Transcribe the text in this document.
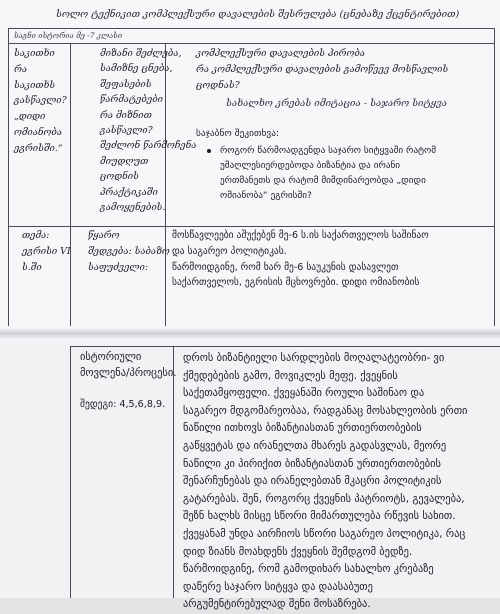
სოლო ტექნიკით კომპლექსური დავალების შესრულება (ცნებაზე ქცენტირებით)
საგნი ისტორია მე -7 კლასი
საკითხი
რა
საკითხს
გასწავლი?
„დიდი
ომიანობა
ეგრისში.“
მიზანი შეძლება,
სამიზნე ცნება,
შეფასების
წარმატებები
რა მიზნით
გასწავლი?
შეძლონ წარმოჩენა
მიუდღუთ
ცოდნის
პრაქტიკაში
გამოყენების.
კომპლექსური დავალების პირობა
რა კომპლექსური დავალების გამოწვევ მოსწავლის
ცოდნას?
სახალხო კრებას იმიტაცია - საჯარო სიტყვა
საჯაბნო შეკითხვა:
როგორ წარმოადგენდა საჯარო სიტყვაში რატომ
უმაღლესიერდებოდა ბიზანტია და ირანი
ერთმანეთს და რატომ მიმდინარეობდა „დიდი
ომიანობა“ ეგრისში?
თემა:
ეგრისი VI
ს.ში
წყარო
შედგება: საბაზო
საფუძველი:
მოსწავლეები აშუქებენ მე-6 ს.ის საქართველოს საშინაო
და საგარეო პოლიტიკას.
წარმოიდგინე, რომ ხარ მე-6 საუკუნის დასავლეთ
საქართველოს, ეგრისის მცხოვრები. დიდი ომიანობის
ისტორიული
მოვლენა/პროცესი.
შედეგი: 4,5,6,8,9.
დროს ბიზანტიელი სარდლების მოღალატეობრი- ვი
ქმედებების გამო, მოვიკლეს მეფე. ქვეყნის
საქეთამყოფელი. ქვეყანაში როული საშინაო და
საგარეო მდგომარეობაა, რადგანაც მოსახლეობის ერთი
ნაწილი ითხოვს ბიზანტიასთან ურთიერთობების
გაწყვეტას და ირანელთა მხარეს გადასვლას, მეორე
ნაწილი კი პირიქით ბიზანტიასთან ურთიერთობების
შენარჩუნებას და ირანელებთან მკაცრი პოლიტიკის
გატარებას. შენ, როგორც ქვეყნის პატრიოტს, გევალება,
შეზნ ხალხს მისცე სწორი მიმართულება რწევის სახით.
ქვეყანამ უნდა აირჩიოს სწორი საგარეო პოლიტიკა, რაც
დიდ ზიანს მოახდენს ქვეყნის შემდგომ ბედზე.
წარმოიდგინე, რომ გამოდიხარ სახალხო კრებაზე
დაწერე საჯარო სიტყვა და დაასაბუთე
არგუმენტირებულად შენი მოსაზრება.
